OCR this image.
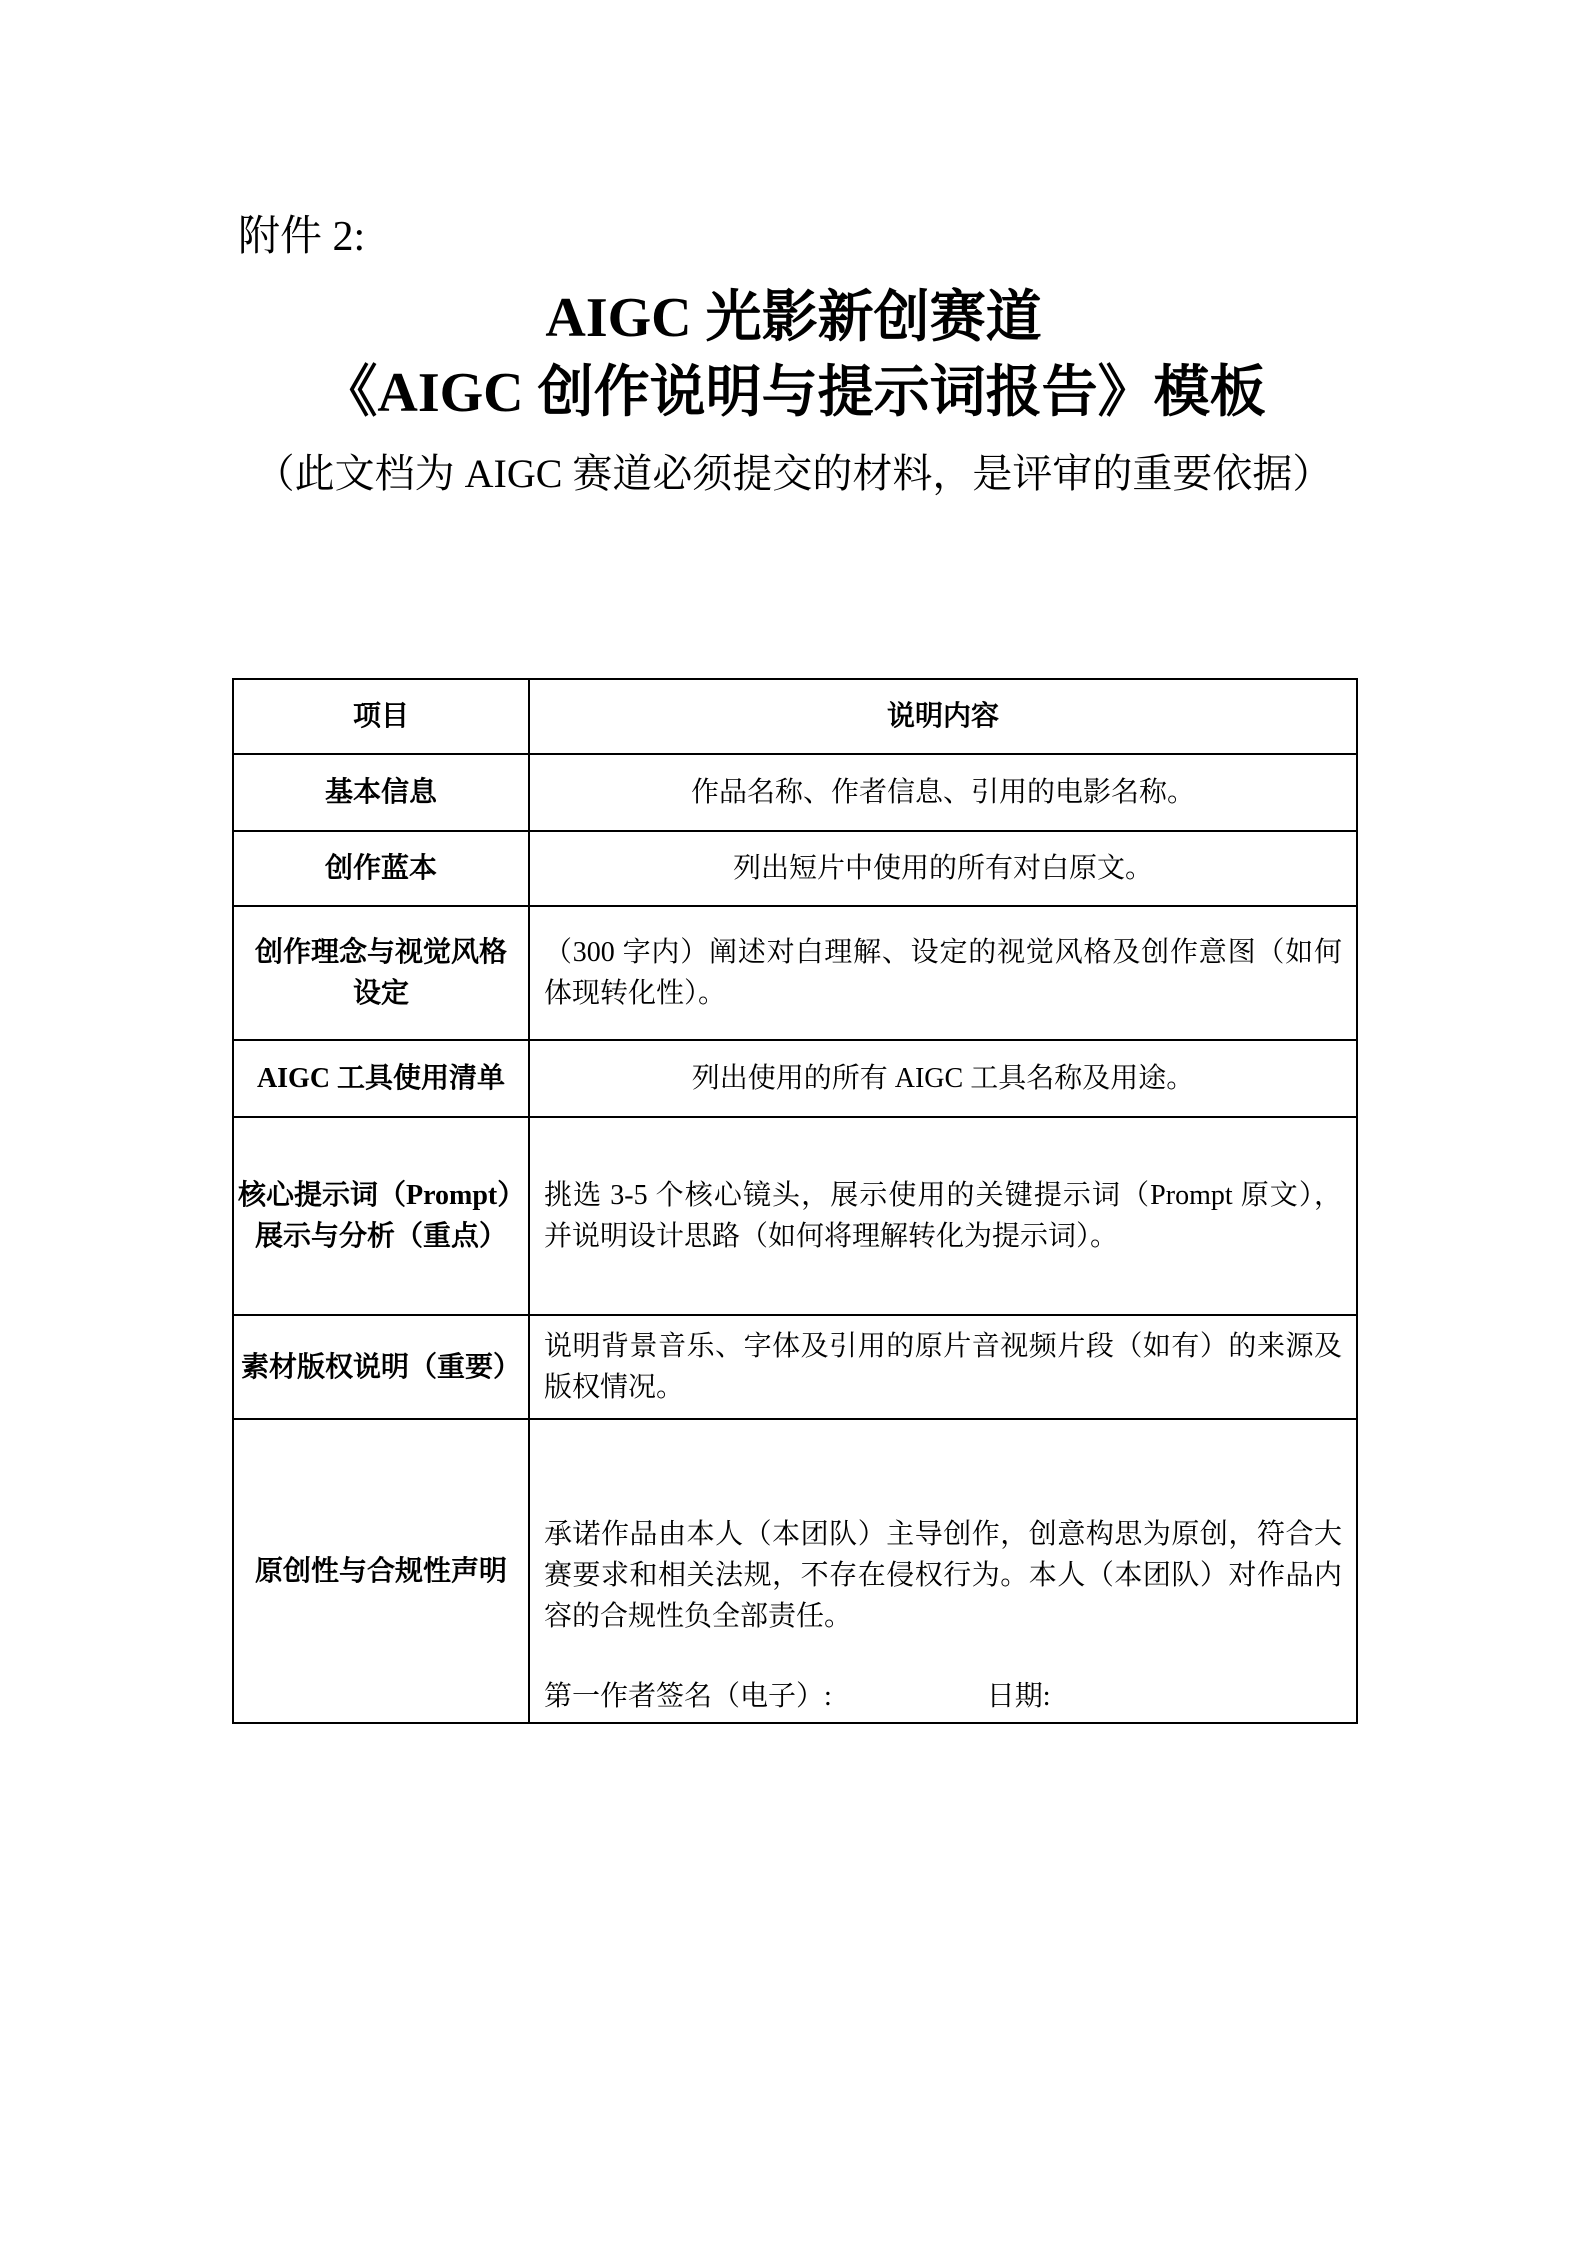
附件 2:
AIGC 光影新创赛道
《AIGC 创作说明与提示词报告》模板
（此文档为 AIGC 赛道必须提交的材料，是评审的重要依据）
项目	说明内容

基本信息	作品名称、作者信息、引用的电影名称。

创作蓝本	列出短片中使用的所有对白原文。

创作理念与视觉风格
设定	（300 字内）阐述对白理解、设定的视觉风格及创作意图（如何体现转化性）。

AIGC 工具使用清单	列出使用的所有 AIGC 工具名称及用途。

核心提示词（Prompt）
展示与分析（重点）	挑选 3-5 个核心镜头，展示使用的关键提示词（Prompt 原文），并说明设计思路（如何将理解转化为提示词）。

素材版权说明（重要）	说明背景音乐、字体及引用的原片音视频片段（如有）的来源及版权情况。

原创性与合规性声明	承诺作品由本人（本团队）主导创作，创意构思为原创，符合大赛要求和相关法规，不存在侵权行为。本人（本团队）对作品内容的合规性负全部责任。

第一作者签名（电子）: 日期:
